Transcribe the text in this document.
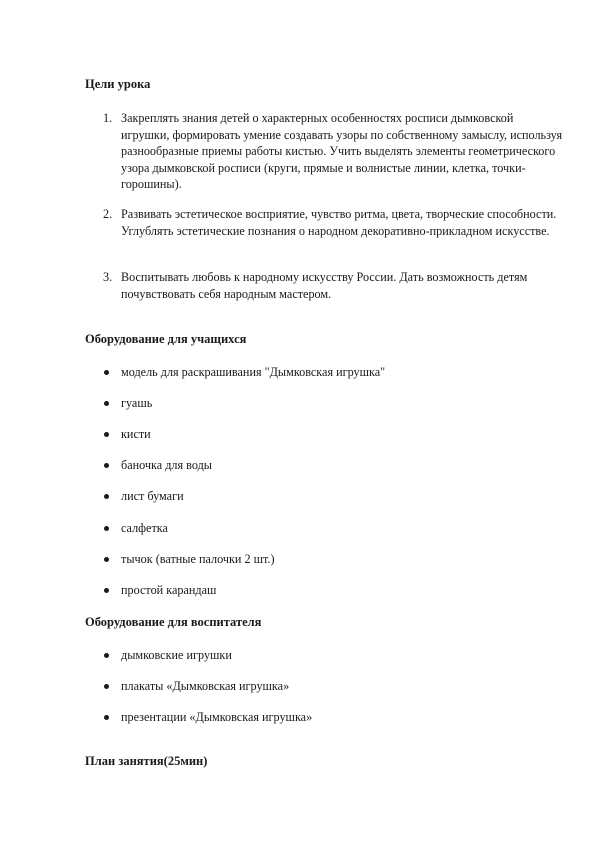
Цели урока
1. Закреплять знания детей о характерных особенностях росписи дымковской игрушки, формировать умение создавать узоры по собственному замыслу, используя разнообразные приемы работы кистью. Учить выделять элементы геометрического узора дымковской росписи (круги, прямые и волнистые линии, клетка, точки-горошины).
2. Развивать эстетическое восприятие, чувство ритма, цвета, творческие способности. Углублять эстетические познания о народном декоративно-прикладном искусстве.
3. Воспитывать любовь к народному искусству России. Дать возможность детям почувствовать себя народным мастером.
Оборудование для учащихся
модель для раскрашивания "Дымковская игрушка"
гуашь
кисти
баночка для воды
лист бумаги
салфетка
тычок (ватные палочки 2 шт.)
простой карандаш
Оборудование для воспитателя
дымковские игрушки
плакаты «Дымковская игрушка»
презентации «Дымковская игрушка»
План занятия(25мин)
